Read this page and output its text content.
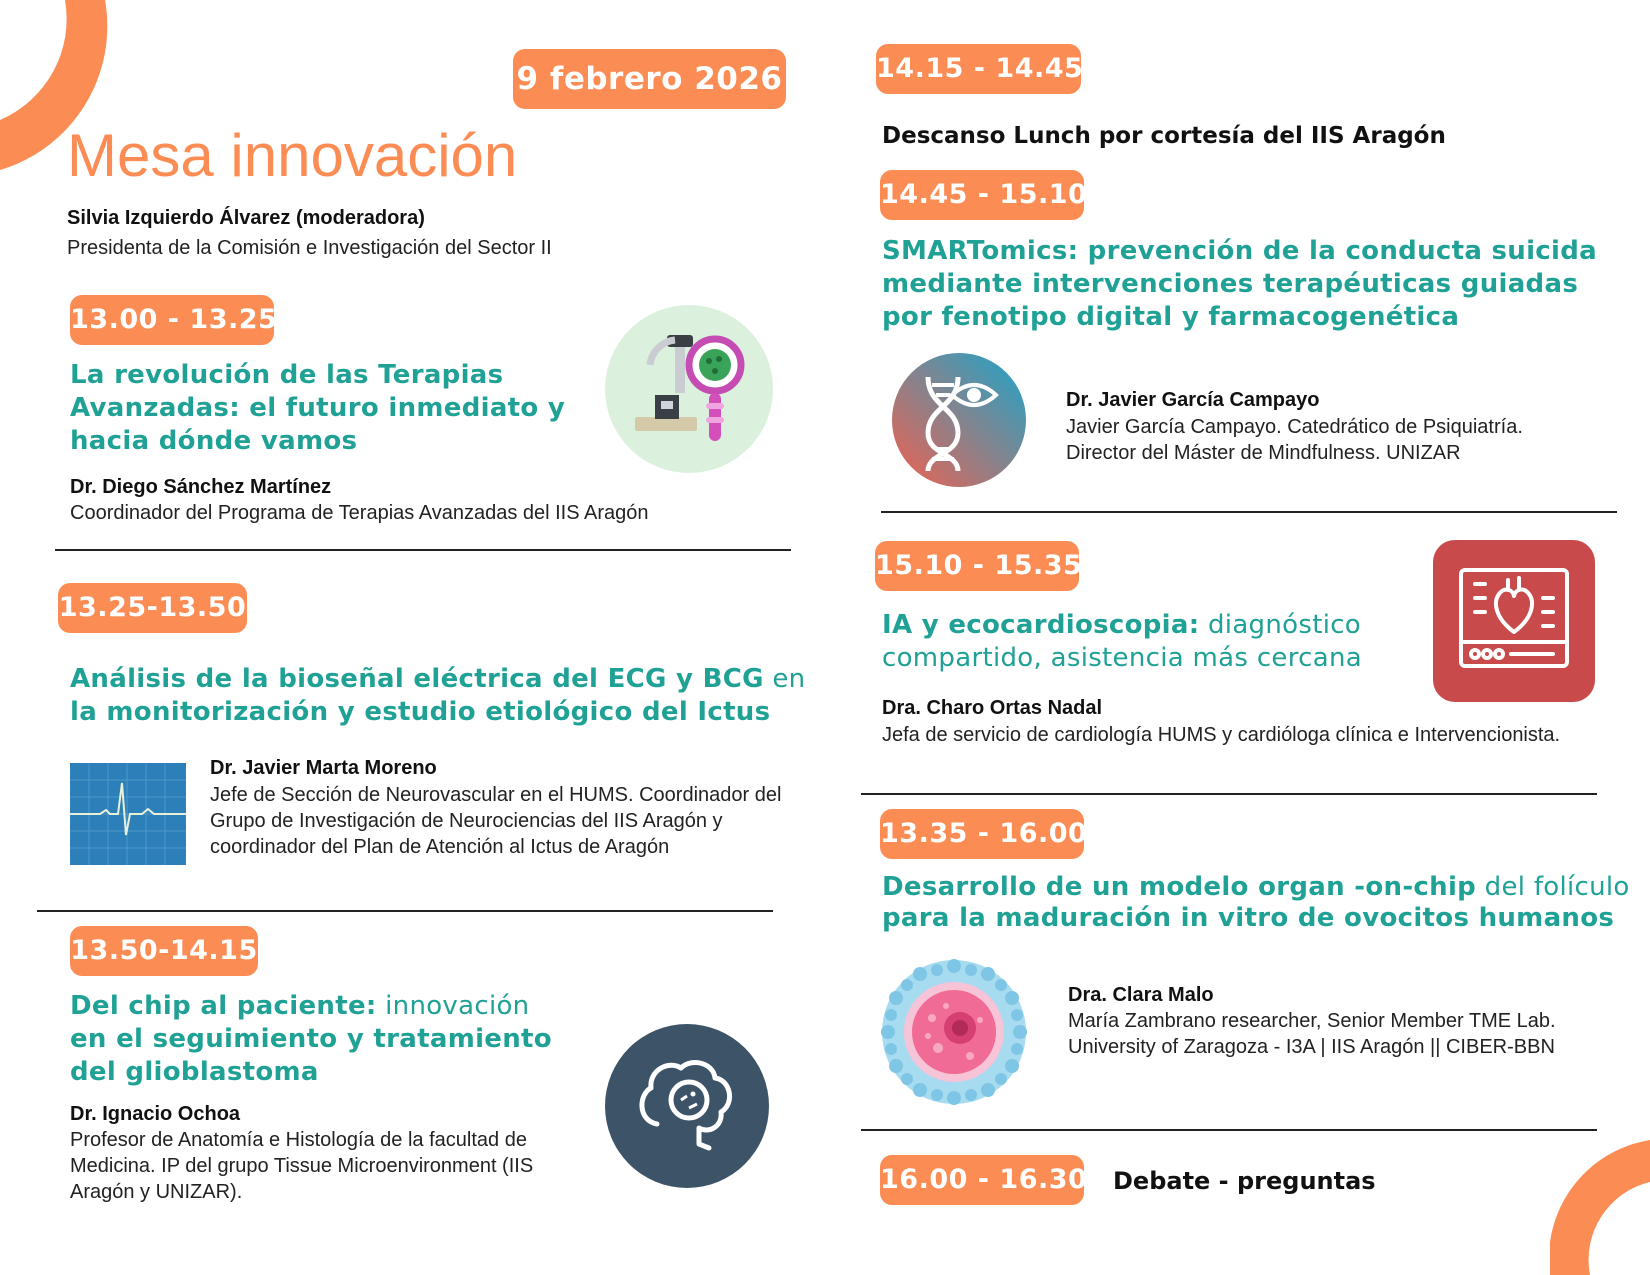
9 febrero 2026
Mesa innovación
Silvia Izquierdo Álvarez (moderadora)
Presidenta de la Comisión e Investigación del Sector II
13.00 - 13.25
La revolución de las Terapias Avanzadas: el futuro inmediato y hacia dónde vamos
Dr. Diego Sánchez Martínez
Coordinador del Programa de Terapias Avanzadas del IIS Aragón
13.25-13.50
Análisis de la bioseñal eléctrica del ECG y BCG en
la monitorización y estudio etiológico del Ictus
Dr. Javier Marta Moreno
Jefe de Sección de Neurovascular en el HUMS. Coordinador del Grupo de Investigación de Neurociencias del IIS Aragón y coordinador del Plan de Atención al Ictus de Aragón
13.50-14.15
Del chip al paciente: innovación
en el seguimiento y tratamiento del glioblastoma
Dr. Ignacio Ochoa
Profesor de Anatomía e Histología de la facultad de Medicina. IP del grupo Tissue Microenvironment (IIS Aragón y UNIZAR).
14.15 - 14.45
Descanso Lunch por cortesía del IIS Aragón
14.45 - 15.10
SMARTomics: prevención de la conducta suicida mediante intervenciones terapéuticas guiadas por fenotipo digital y farmacogenética
Dr. Javier García Campayo
Javier García Campayo. Catedrático de Psiquiatría. Director del Máster de Mindfulness. UNIZAR
15.10 - 15.35
IA y ecocardioscopia: diagnóstico compartido, asistencia más cercana
Dra. Charo Ortas Nadal
Jefa de servicio de cardiología HUMS y cardióloga clínica e Intervencionista.
13.35 - 16.00
Desarrollo de un modelo organ -on-chip del folículo
para la maduración in vitro de ovocitos humanos
Dra. Clara Malo
María Zambrano researcher, Senior Member TME Lab.
University of Zaragoza - I3A | IIS Aragón || CIBER-BBN
16.00 - 16.30 Debate - preguntas
